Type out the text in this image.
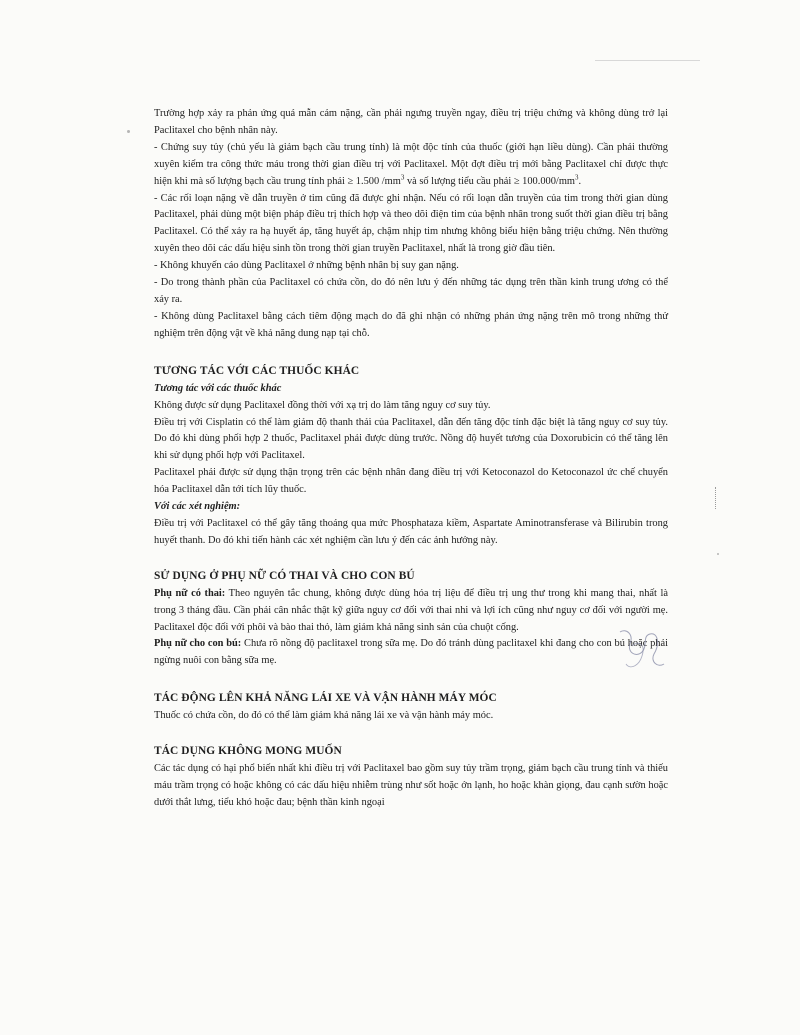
Trường hợp xảy ra phản ứng quá mẫn cảm nặng, cần phải ngưng truyền ngay, điều trị triệu chứng và không dùng trở lại Paclitaxel cho bệnh nhân này.

- Chứng suy tủy (chủ yếu là giảm bạch cầu trung tính) là một độc tính của thuốc (giới hạn liều dùng). Cần phải thường xuyên kiểm tra công thức máu trong thời gian điều trị với Paclitaxel. Một đợt điều trị mới bằng Paclitaxel chỉ được thực hiện khi mà số lượng bạch cầu trung tính phải ≥ 1.500 $/mm^3$ và số lượng tiểu cầu phải ≥ $100.000/mm^3$.

- Các rối loạn nặng về dẫn truyền ở tim cũng đã được ghi nhận. Nếu có rối loạn dẫn truyền của tim trong thời gian dùng Paclitaxel, phải dùng một biện pháp điều trị thích hợp và theo dõi điện tim của bệnh nhân trong suốt thời gian điều trị bằng Paclitaxel. Có thể xảy ra hạ huyết áp, tăng huyết áp, chậm nhịp tim nhưng không biểu hiện bằng triệu chứng. Nên thường xuyên theo dõi các dấu hiệu sinh tồn trong thời gian truyền Paclitaxel, nhất là trong giờ đầu tiên.

- Không khuyến cáo dùng Paclitaxel ở những bệnh nhân bị suy gan nặng.

- Do trong thành phần của Paclitaxel có chứa cồn, do đó nên lưu ý đến những tác dụng trên thần kinh trung ương có thể xảy ra.

- Không dùng Paclitaxel bằng cách tiêm động mạch do đã ghi nhận có những phản ứng nặng trên mô trong những thử nghiệm trên động vật về khả năng dung nạp tại chỗ.

TƯƠNG TÁC VỚI CÁC THUỐC KHÁC

Tương tác với các thuốc khác

Không được sử dụng Paclitaxel đồng thời với xạ trị do làm tăng nguy cơ suy tủy.

Điều trị với Cisplatin có thể làm giảm độ thanh thải của Paclitaxel, dẫn đến tăng độc tính đặc biệt là tăng nguy cơ suy tủy. Do đó khi dùng phối hợp 2 thuốc, Paclitaxel phải được dùng trước. Nồng độ huyết tương của Doxorubicin có thể tăng lên khi sử dụng phối hợp với Paclitaxel.

Paclitaxel phải được sử dụng thận trọng trên các bệnh nhân đang điều trị với Ketoconazol do Ketoconazol ức chế chuyển hóa Paclitaxel dẫn tới tích lũy thuốc.

Với các xét nghiệm:

Điều trị với Paclitaxel có thể gây tăng thoáng qua mức Phosphataza kiềm, Aspartate Aminotransferase và Bilirubin trong huyết thanh. Do đó khi tiến hành các xét nghiệm cần lưu ý đến các ảnh hưởng này.

SỬ DỤNG Ở PHỤ NỮ CÓ THAI VÀ CHO CON BÚ

Phụ nữ có thai: Theo nguyên tắc chung, không được dùng hóa trị liệu để điều trị ung thư trong khi mang thai, nhất là trong 3 tháng đầu. Cần phải cân nhắc thật kỹ giữa nguy cơ đối với thai nhi và lợi ích cũng như nguy cơ đối với người mẹ. Paclitaxel độc đối với phôi và bào thai thỏ, làm giảm khả năng sinh sản của chuột cống.

Phụ nữ cho con bú: Chưa rõ nồng độ paclitaxel trong sữa mẹ. Do đó tránh dùng paclitaxel khi đang cho con bú hoặc phải ngừng nuôi con bằng sữa mẹ.

TÁC ĐỘNG LÊN KHẢ NĂNG LÁI XE VÀ VẬN HÀNH MÁY MÓC

Thuốc có chứa cồn, do đó có thể làm giảm khả năng lái xe và vận hành máy móc.

TÁC DỤNG KHÔNG MONG MUỐN

Các tác dụng có hại phổ biến nhất khi điều trị với Paclitaxel bao gồm suy tủy trầm trọng, giảm bạch cầu trung tính và thiếu máu trầm trọng có hoặc không có các dấu hiệu nhiễm trùng như sốt hoặc ớn lạnh, ho hoặc khàn giọng, đau cạnh sườn hoặc dưới thắt lưng, tiểu khó hoặc đau; bệnh thần kinh ngoại
